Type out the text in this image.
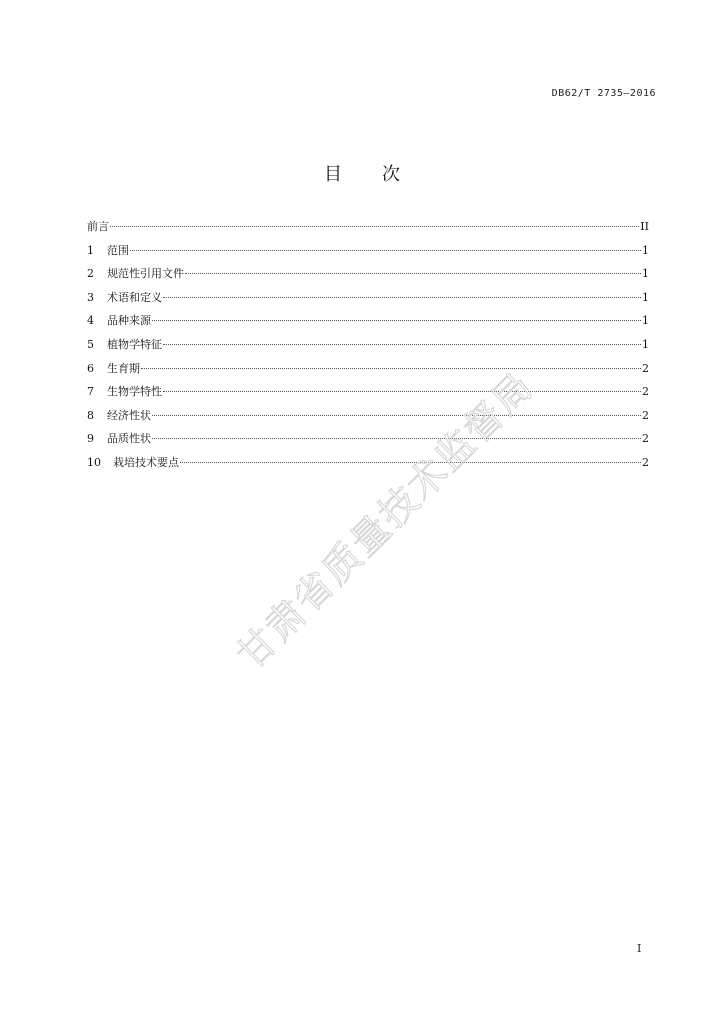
DB62/T 2735—2016
目 次
前言	II
1	范围	1
2	规范性引用文件	1
3	术语和定义	1
4	品种来源	1
5	植物学特征	1
6	生育期	2
7	生物学特性	2
8	经济性状	2
9	品质性状	2
10	栽培技术要点	2
甘肃省质量技术监督局
I
